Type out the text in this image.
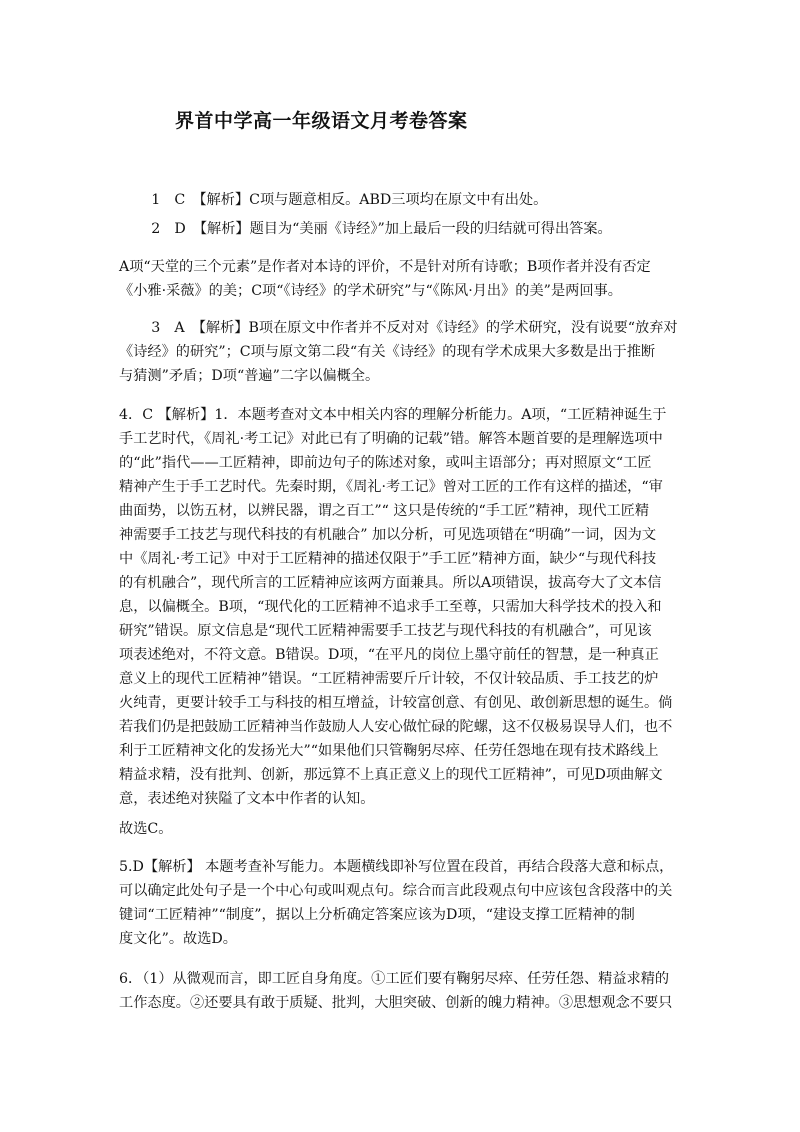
界首中学高一年级语文月考卷答案
　1　C　【解析】C项与题意相反。ABD三项均在原文中有出处。
　2　D　【解析】题目为“美丽《诗经》”加上最后一段的归结就可得出答案。
A项“天堂的三个元素”是作者对本诗的评价，不是针对所有诗歌；B项作者并没有否定
《小雅·采薇》的美；C项“《诗经》的学术研究”与“《陈风·月出》的美”是两回事。
　3　A　【解析】B项在原文中作者并不反对对《诗经》的学术研究，没有说要“放弃对
《诗经》的研究”；C项与原文第二段“有关《诗经》的现有学术成果大多数是出于推断
与猜测”矛盾；D项“普遍”二字以偏概全。
4．C 【解析】1．本题考查对文本中相关内容的理解分析能力。A项，“工匠精神诞生于
手工艺时代，《周礼·考工记》对此已有了明确的记载”错。解答本题首要的是理解选项中
的“此”指代——工匠精神，即前边句子的陈述对象，或叫主语部分；再对照原文“工匠
精神产生于手工艺时代。先秦时期，《周礼·考工记》曾对工匠的工作有这样的描述，“审
曲面势，以饬五材，以辨民器，谓之百工”“ 这只是传统的“手工匠”精神，现代工匠精
神需要手工技艺与现代科技的有机融合” 加以分析，可见选项错在“明确”一词，因为文
中《周礼·考工记》中对于工匠精神的描述仅限于”手工匠”精神方面，缺少“与现代科技
的有机融合”，现代所言的工匠精神应该两方面兼具。所以A项错误，拔高夸大了文本信
息，以偏概全。B项，“现代化的工匠精神不追求手工至尊，只需加大科学技术的投入和
研究”错误。原文信息是“现代工匠精神需要手工技艺与现代科技的有机融合”，可见该
项表述绝对，不符文意。B错误。D项，“在平凡的岗位上墨守前任的智慧，是一种真正
意义上的现代工匠精神”错误。“工匠精神需要斤斤计较，不仅计较品质、手工技艺的炉
火纯青，更要计较手工与科技的相互增益，计较富创意、有创见、敢创新思想的诞生。倘
若我们仍是把鼓励工匠精神当作鼓励人人安心做忙碌的陀螺，这不仅极易误导人们，也不
利于工匠精神文化的发扬光大”“如果他们只管鞠躬尽瘁、任劳任怨地在现有技术路线上
精益求精，没有批判、创新，那远算不上真正意义上的现代工匠精神”，可见D项曲解文
意，表述绝对狭隘了文本中作者的认知。
故选C。
5.D【解析】 本题考查补写能力。本题横线即补写位置在段首，再结合段落大意和标点，
可以确定此处句子是一个中心句或叫观点句。综合而言此段观点句中应该包含段落中的关
键词“工匠精神”“制度”，据以上分析确定答案应该为D项，“建设支撑工匠精神的制
度文化”。故选D。
6．（1）从微观而言，即工匠自身角度。①工匠们要有鞠躬尽瘁、任劳任怨、精益求精的
工作态度。②还要具有敢于质疑、批判，大胆突破、创新的魄力精神。③思想观念不要只
